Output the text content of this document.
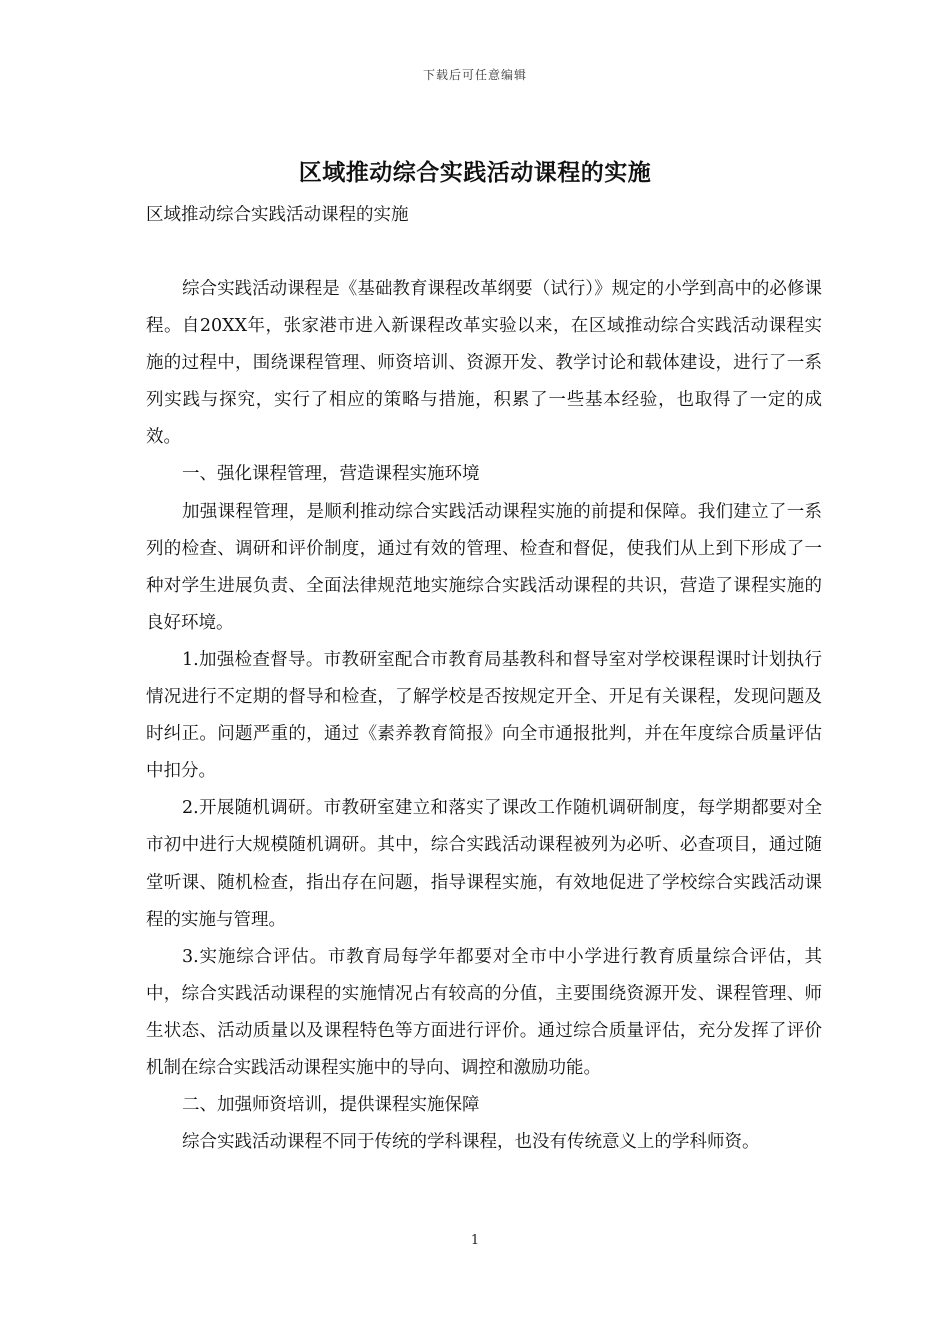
下载后可任意编辑
区域推动综合实践活动课程的实施

区域推动综合实践活动课程的实施

综合实践活动课程是《基础教育课程改革纲要（试行）》规定的小学到高中的必修课程。自20XX年，张家港市进入新课程改革实验以来，在区域推动综合实践活动课程实施的过程中，围绕课程管理、师资培训、资源开发、教学讨论和载体建设，进行了一系列实践与探究，实行了相应的策略与措施，积累了一些基本经验，也取得了一定的成效。

一、强化课程管理，营造课程实施环境

加强课程管理，是顺利推动综合实践活动课程实施的前提和保障。我们建立了一系列的检查、调研和评价制度，通过有效的管理、检查和督促，使我们从上到下形成了一种对学生进展负责、全面法律规范地实施综合实践活动课程的共识，营造了课程实施的良好环境。

1.加强检查督导。市教研室配合市教育局基教科和督导室对学校课程课时计划执行情况进行不定期的督导和检查，了解学校是否按规定开全、开足有关课程，发现问题及时纠正。问题严重的，通过《素养教育简报》向全市通报批判，并在年度综合质量评估中扣分。

2.开展随机调研。市教研室建立和落实了课改工作随机调研制度，每学期都要对全市初中进行大规模随机调研。其中，综合实践活动课程被列为必听、必查项目，通过随堂听课、随机检查，指出存在问题，指导课程实施，有效地促进了学校综合实践活动课程的实施与管理。

3.实施综合评估。市教育局每学年都要对全市中小学进行教育质量综合评估，其中，综合实践活动课程的实施情况占有较高的分值，主要围绕资源开发、课程管理、师生状态、活动质量以及课程特色等方面进行评价。通过综合质量评估，充分发挥了评价机制在综合实践活动课程实施中的导向、调控和激励功能。

二、加强师资培训，提供课程实施保障

综合实践活动课程不同于传统的学科课程，也没有传统意义上的学科师资。

1
